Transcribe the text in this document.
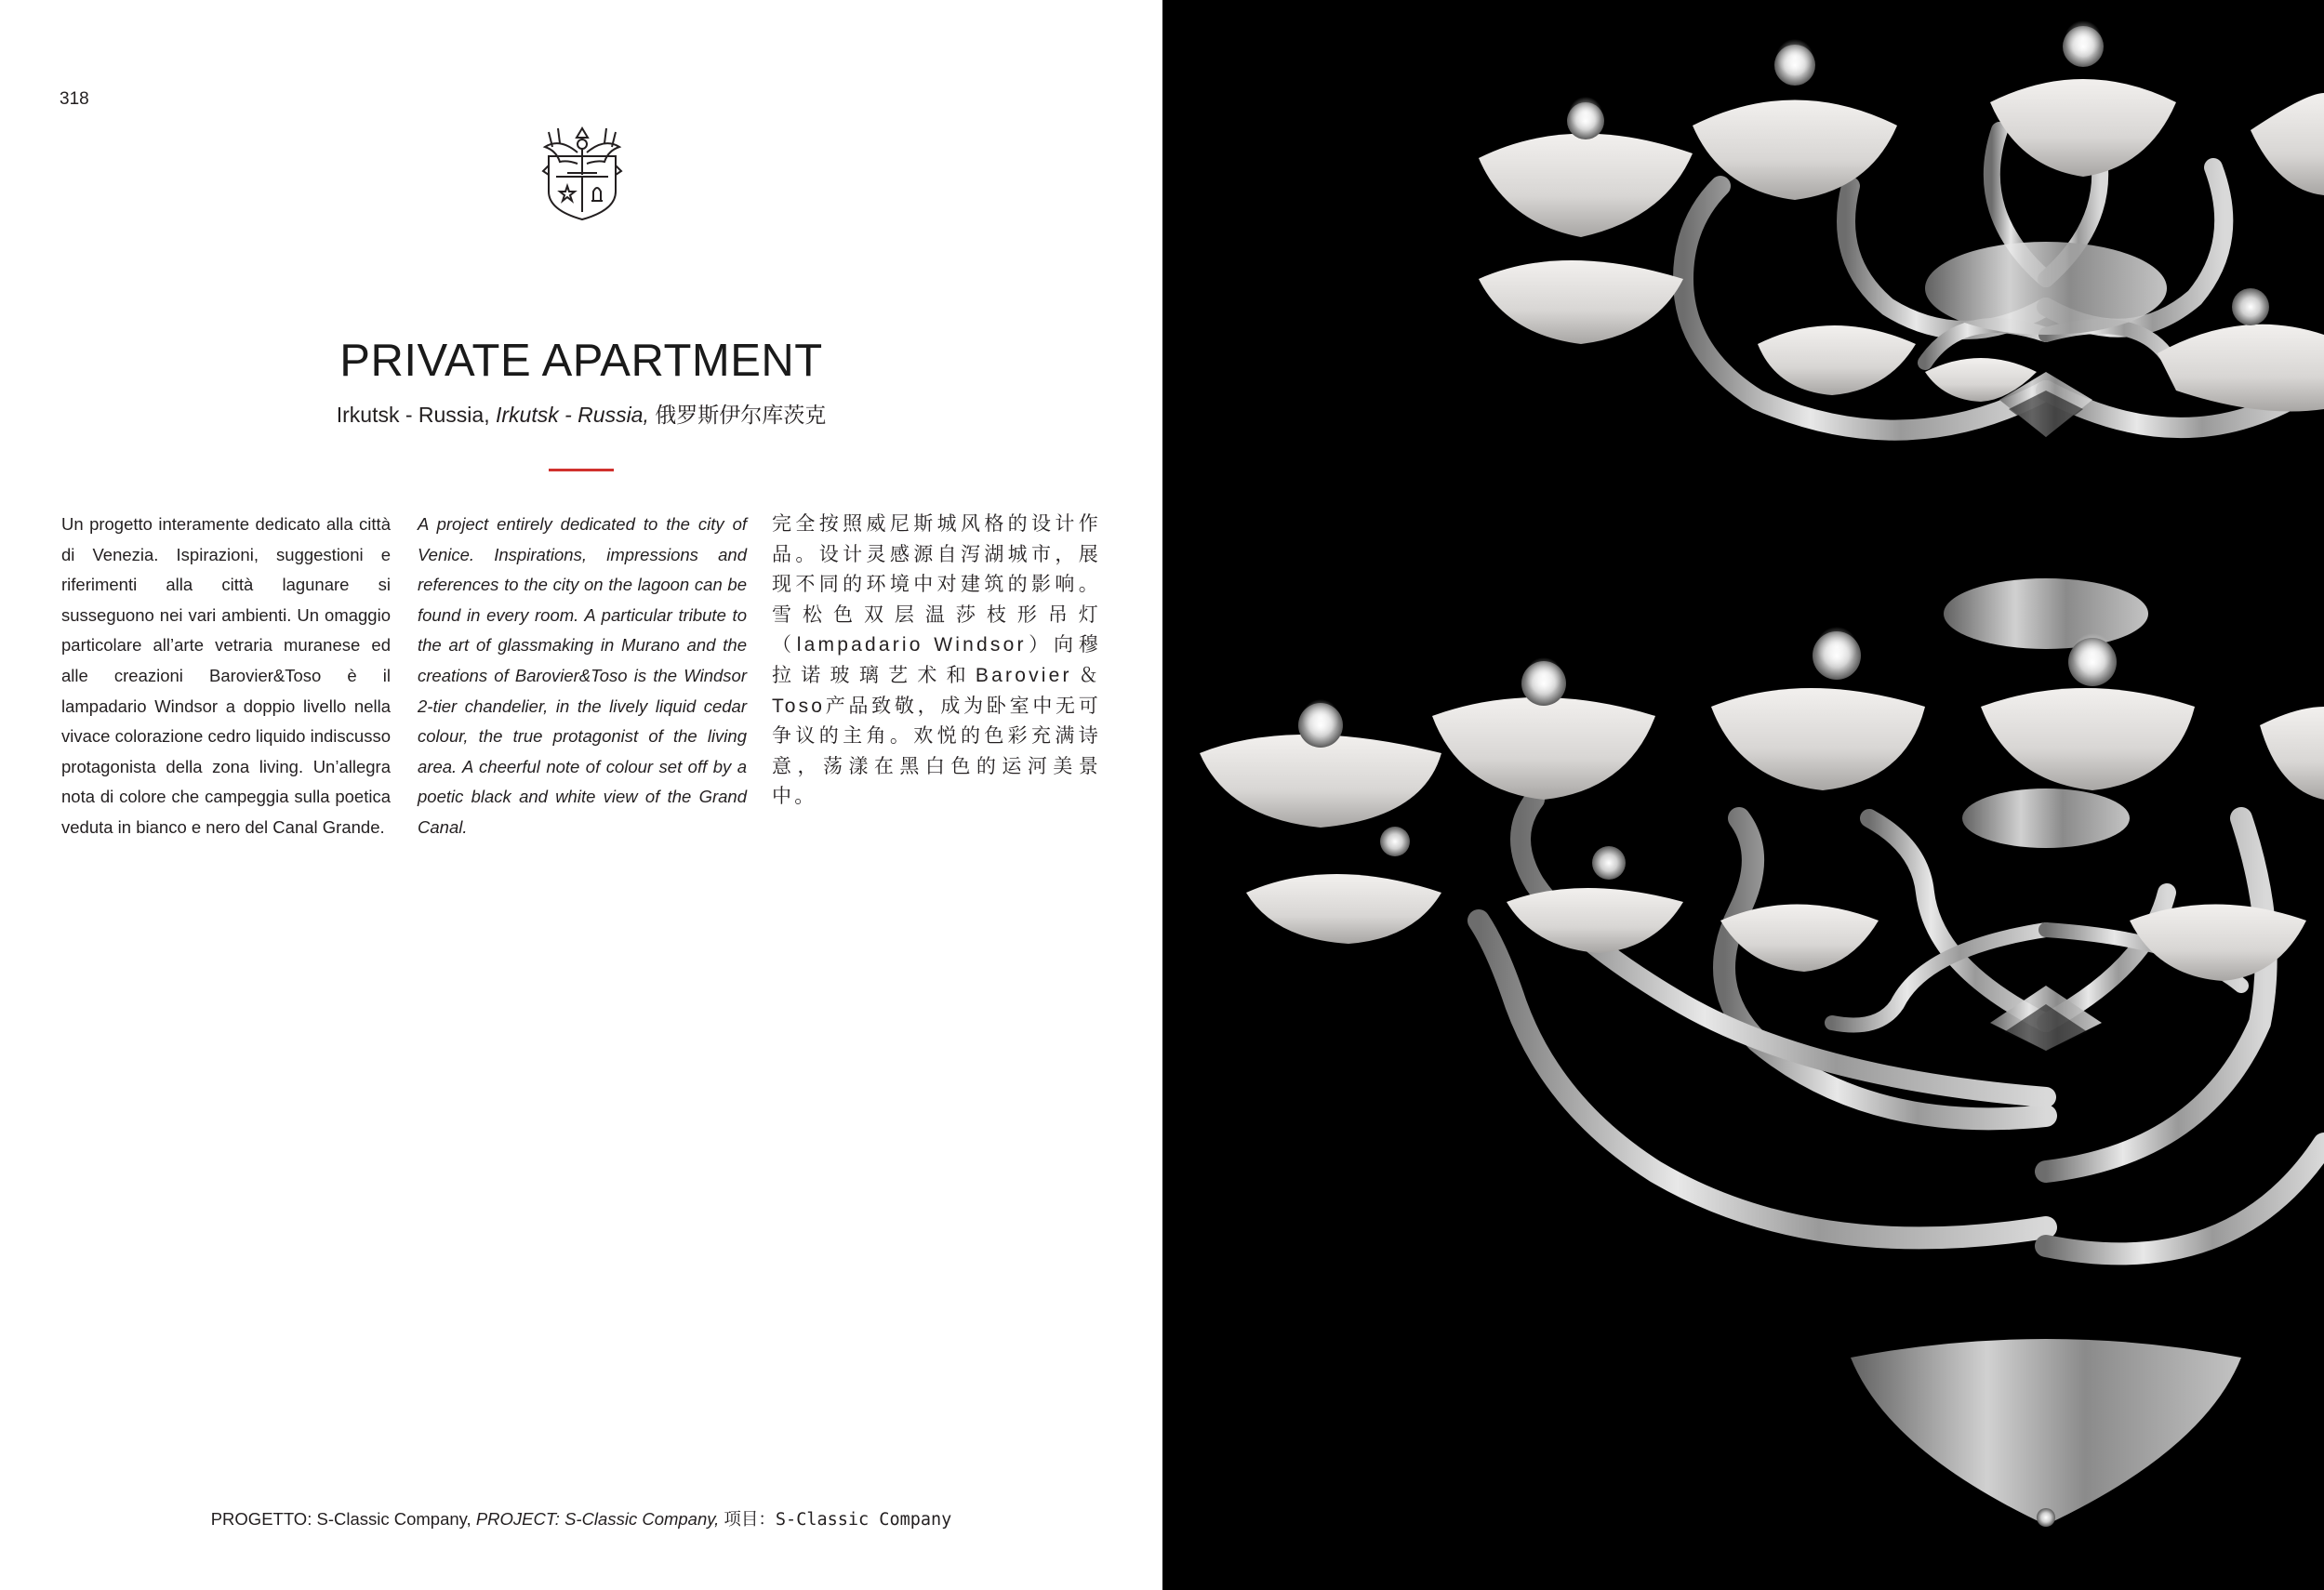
318
PRIVATE APARTMENT
Irkutsk - Russia, Irkutsk - Russia, 俄罗斯伊尔库茨克

Un progetto interamente dedicato alla città di Venezia. Ispirazioni, suggestioni e riferimenti alla città lagunare si susseguono nei vari ambienti. Un omaggio particolare all’arte vetraria muranese ed alle creazioni Barovier&Toso è il lampadario Windsor a doppio livello nella vivace colorazione cedro liquido indiscusso protagonista della zona living. Un’allegra nota di colore che campeggia sulla poetica veduta in bianco e nero del Canal Grande.

A project entirely dedicated to the city of Venice. Inspirations, impressions and references to the city on the lagoon can be found in every room. A particular tribute to the art of glassmaking in Murano and the creations of Barovier&Toso is the Windsor 2-tier chandelier, in the lively liquid cedar colour, the true protagonist of the living area. A cheerful note of colour set off by a poetic black and white view of the Grand Canal.

完全按照威尼斯城风格的设计作品。设计灵感源自泻湖城市，展现不同的环境中对建筑的影响。雪松色双层温莎枝形吊灯（lampadario Windsor）向穆拉诺玻璃艺术和Barovier＆Toso产品致敬，成为卧室中无可争议的主角。欢悦的色彩充满诗意，荡漾在黑白色的运河美景中。

PROGETTO: S-Classic Company, PROJECT: S-Classic Company, 项目：S-Classic Company
